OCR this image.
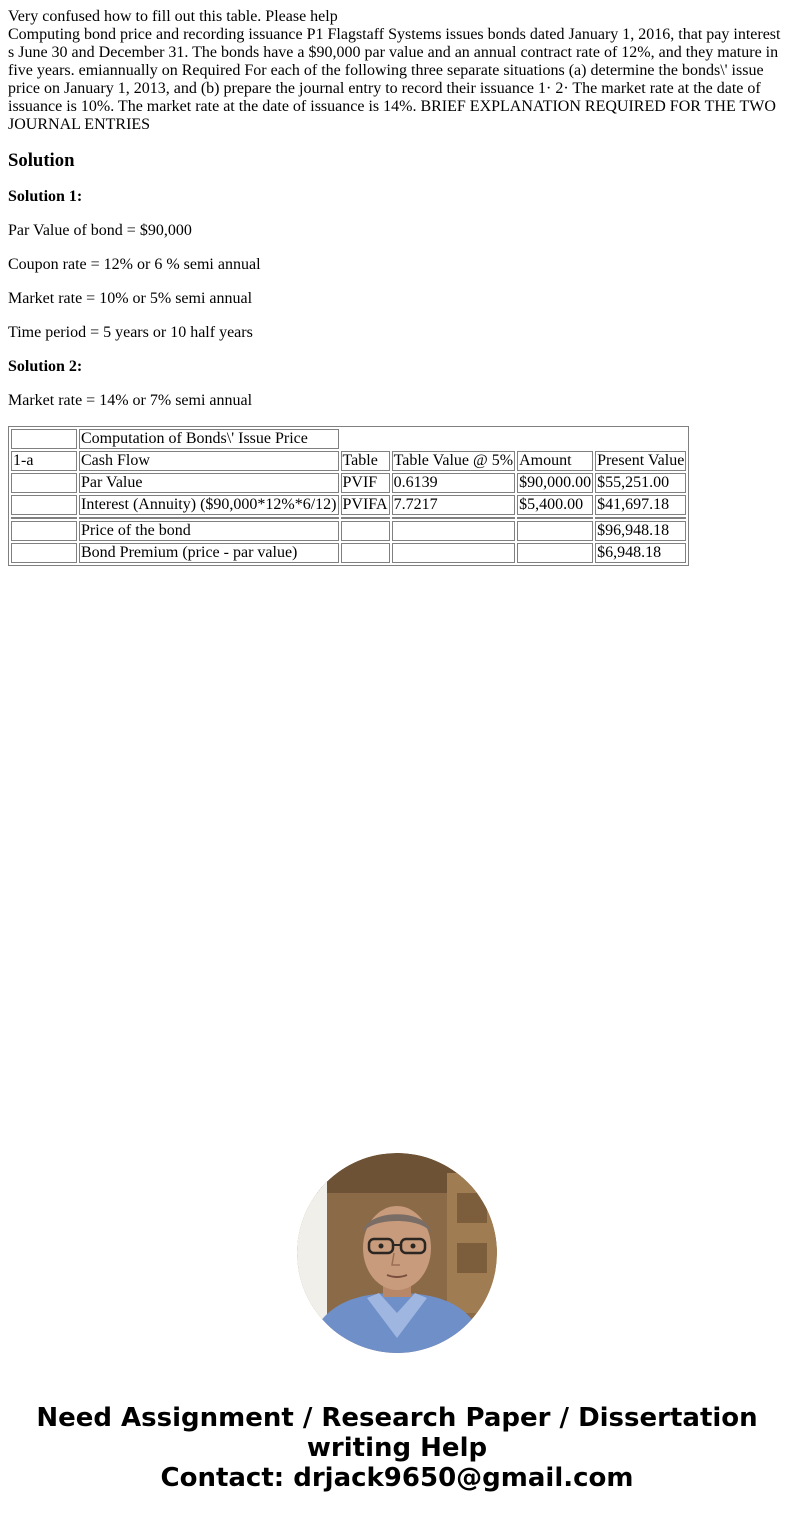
Very confused how to fill out this table. Please help
Computing bond price and recording issuance P1 Flagstaff Systems issues bonds dated January 1, 2016, that pay interest s June 30 and December 31. The bonds have a $90,000 par value and an annual contract rate of 12%, and they mature in five years. emiannually on Required For each of the following three separate situations (a) determine the bonds\' issue price on January 1, 2013, and (b) prepare the journal entry to record their issuance 1· 2· The market rate at the date of issuance is 10%. The market rate at the date of issuance is 14%. BRIEF EXPLANATION REQUIRED FOR THE TWO JOURNAL ENTRIES
Solution

Solution 1:

Par Value of bond = $90,000

Coupon rate = 12% or 6 % semi annual

Market rate = 10% or 5% semi annual

Time period = 5 years or 10 half years

Solution 2:

Market rate = 14% or 7% semi annual

	Computation of Bonds\' Issue Price				
1-a	Cash Flow	Table	Table Value @ 5%	Amount	Present Value
	Par Value	PVIF	0.6139	$90,000.00	$55,251.00
	Interest (Annuity) ($90,000*12%*6/12)	PVIFA	7.7217	$5,400.00	$41,697.18

	Price of the bond				$96,948.18
	Bond Premium (price - par value)				$6,948.18
Need Assignment / Research Paper / Dissertation
writing Help
Contact: drjack9650@gmail.com
